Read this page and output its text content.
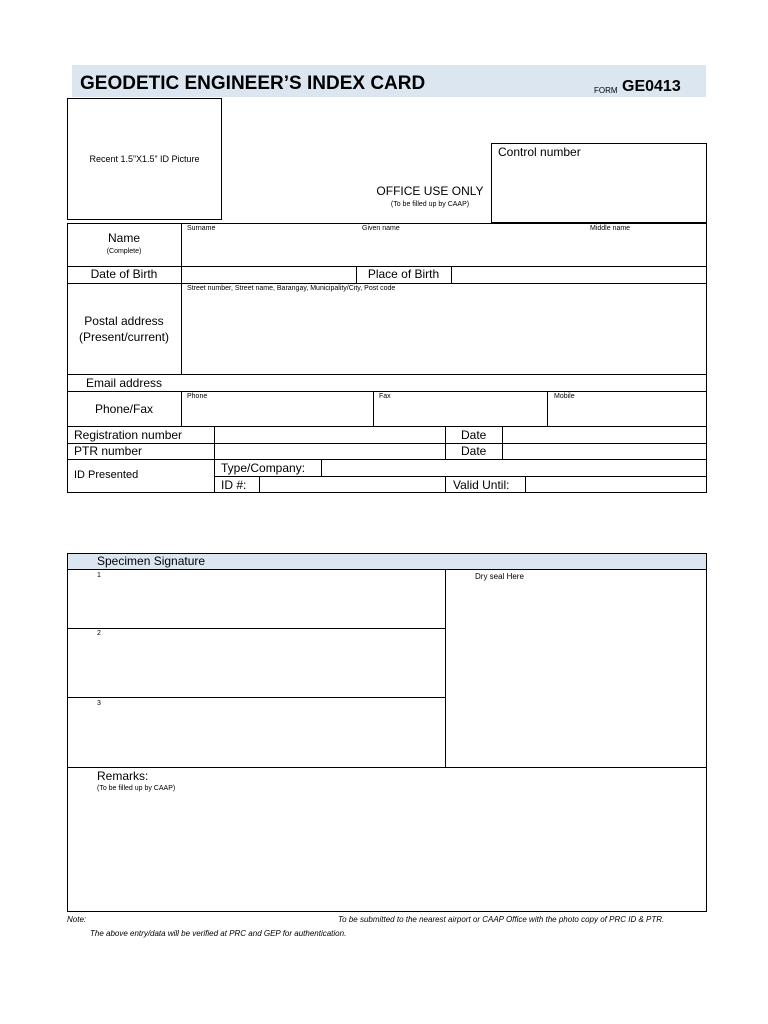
GEODETIC ENGINEER’S INDEX CARD	FORM GE0413
Recent 1.5”X1.5” ID Picture
OFFICE USE ONLY
(To be filled up by CAAP)
Control number
Name
(Complete)
Surname	Given name	Middle name
Date of Birth	Place of Birth
Postal address
(Present/current)
Street number, Street name, Barangay, Municipality/City, Post code
Email address
Phone/Fax
Phone	Fax	Mobile
Registration number	Date
PTR number	Date
ID Presented	Type/Company:
ID #:	Valid Until:
Specimen Signature
1
2
3
Dry seal Here
Remarks:
(To be filled up by CAAP)
Note:	To be submitted to the nearest airport or CAAP Office with the photo copy of PRC ID & PTR.
The above entry/data will be verified at PRC and GEP for authentication.
